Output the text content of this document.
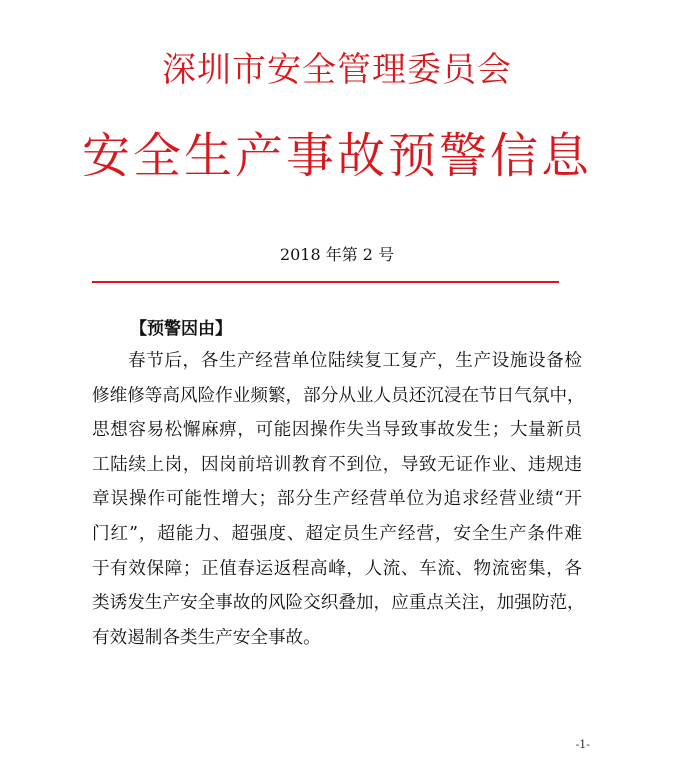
深圳市安全管理委员会
安全生产事故预警信息
2018 年第 2 号
【预警因由】
春节后，各生产经营单位陆续复工复产，生产设施设备检
修维修等高风险作业频繁，部分从业人员还沉浸在节日气氛中，
思想容易松懈麻痹，可能因操作失当导致事故发生；大量新员
工陆续上岗，因岗前培训教育不到位，导致无证作业、违规违
章误操作可能性增大；部分生产经营单位为追求经营业绩“开
门红”，超能力、超强度、超定员生产经营，安全生产条件难
于有效保障；正值春运返程高峰，人流、车流、物流密集，各
类诱发生产安全事故的风险交织叠加，应重点关注，加强防范，
有效遏制各类生产安全事故。
-1-
